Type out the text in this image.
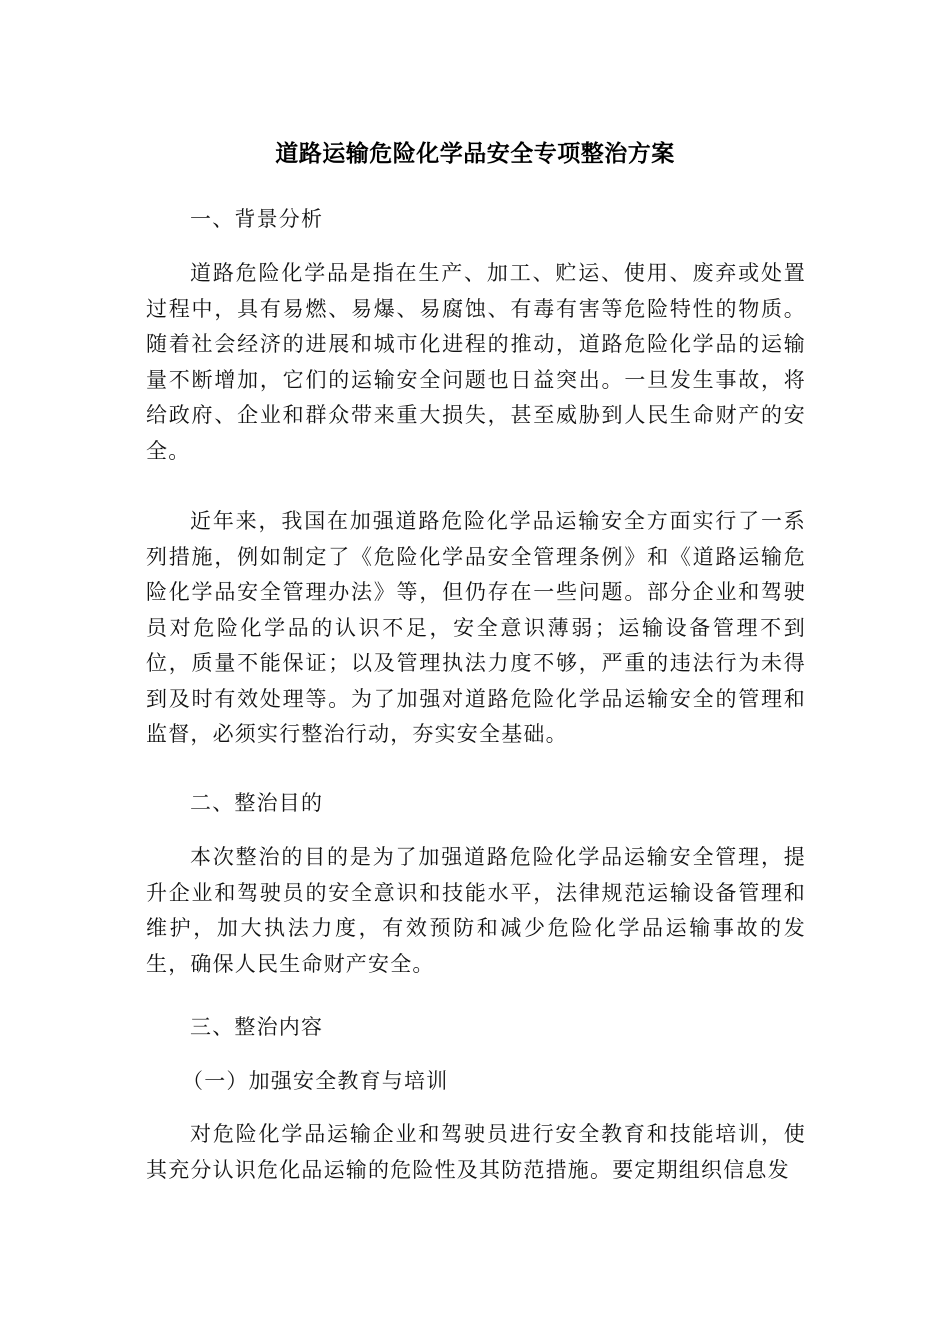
道路运输危险化学品安全专项整治方案

一、背景分析

道路危险化学品是指在生产、加工、贮运、使用、废弃或处置过程中，具有易燃、易爆、易腐蚀、有毒有害等危险特性的物质。随着社会经济的进展和城市化进程的推动，道路危险化学品的运输量不断增加，它们的运输安全问题也日益突出。一旦发生事故，将给政府、企业和群众带来重大损失，甚至威胁到人民生命财产的安全。

近年来，我国在加强道路危险化学品运输安全方面实行了一系列措施，例如制定了《危险化学品安全管理条例》和《道路运输危险化学品安全管理办法》等，但仍存在一些问题。部分企业和驾驶员对危险化学品的认识不足，安全意识薄弱；运输设备管理不到位，质量不能保证；以及管理执法力度不够，严重的违法行为未得到及时有效处理等。为了加强对道路危险化学品运输安全的管理和监督，必须实行整治行动，夯实安全基础。

二、整治目的

本次整治的目的是为了加强道路危险化学品运输安全管理，提升企业和驾驶员的安全意识和技能水平，法律规范运输设备管理和维护，加大执法力度，有效预防和减少危险化学品运输事故的发生，确保人民生命财产安全。

三、整治内容

（一）加强安全教育与培训

对危险化学品运输企业和驾驶员进行安全教育和技能培训，使其充分认识危化品运输的危险性及其防范措施。要定期组织信息发
